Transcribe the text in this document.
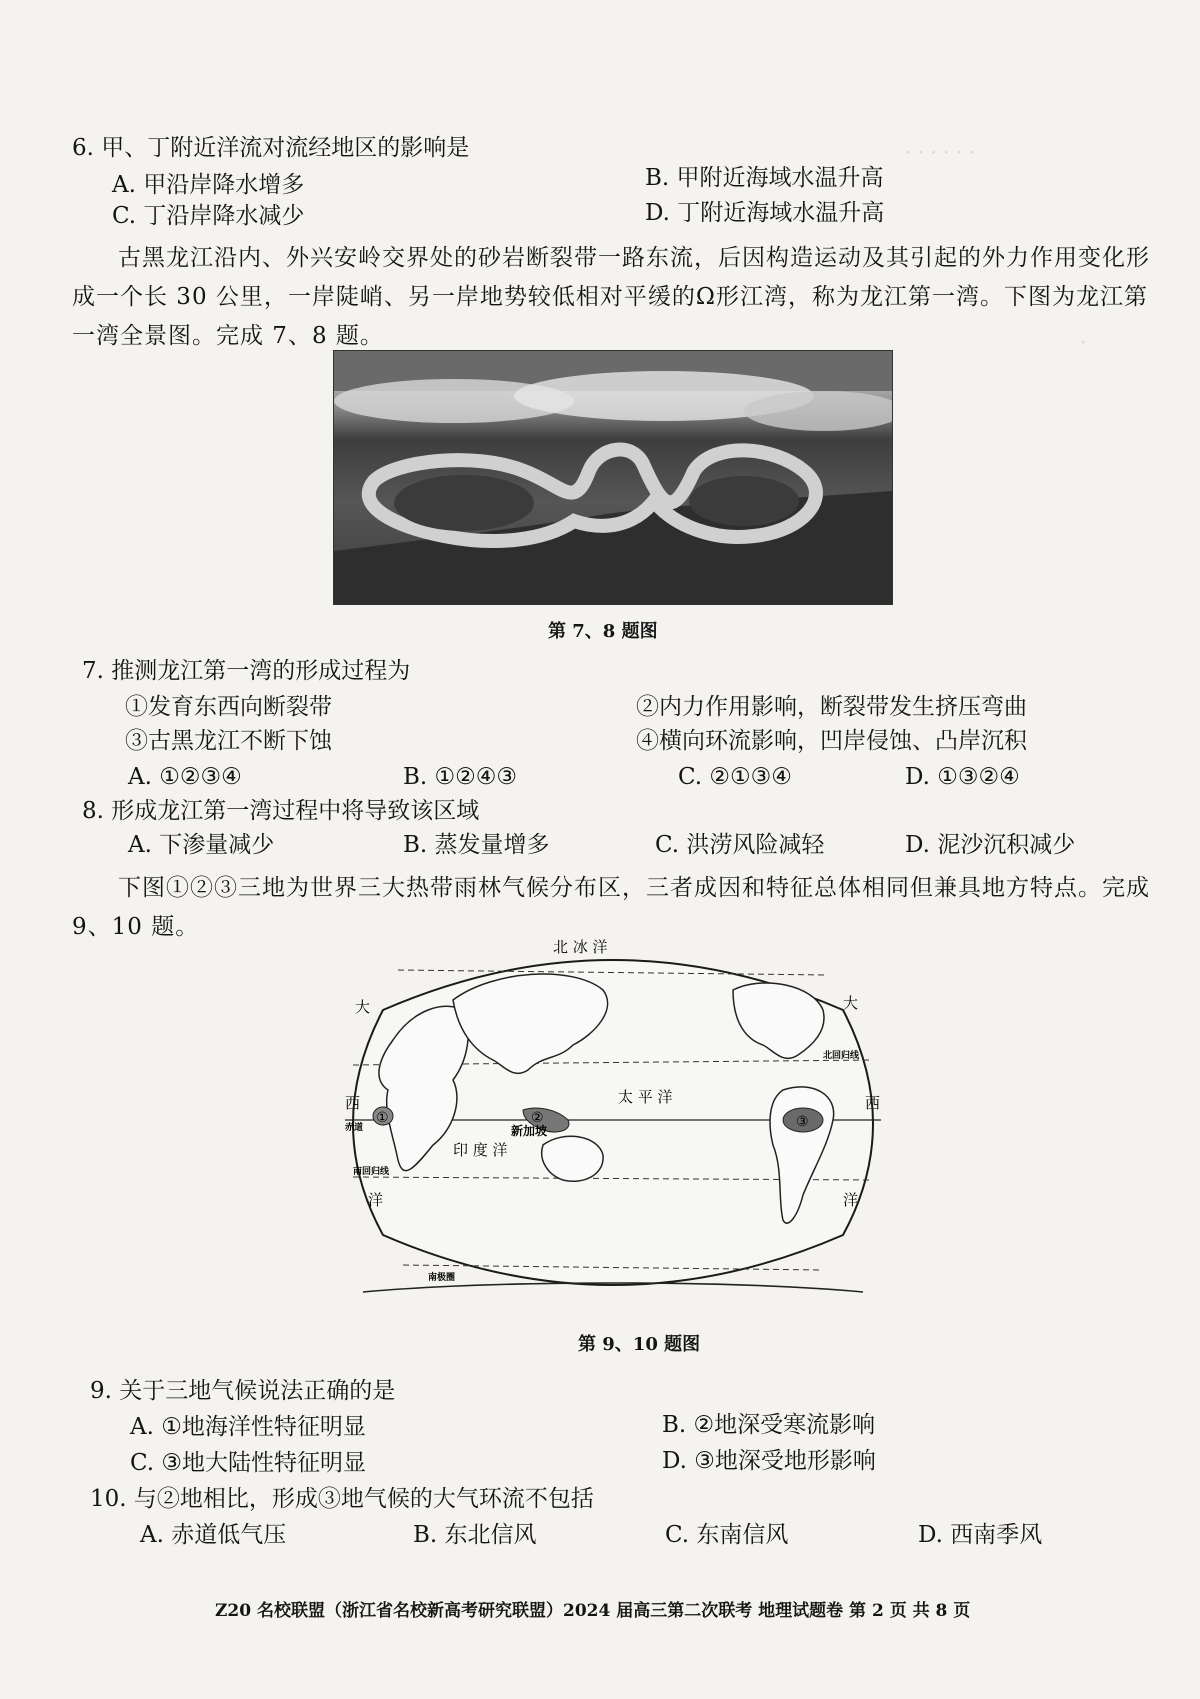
· · · · · ·
·
6. 甲、丁附近洋流对流经地区的影响是
A. 甲沿岸降水增多	B. 甲附近海域水温升高
C. 丁沿岸降水减少	D. 丁附近海域水温升高
古黑龙江沿内、外兴安岭交界处的砂岩断裂带一路东流，后因构造运动及其引起的外力作用变化形成一个长 30 公里，一岸陡峭、另一岸地势较低相对平缓的Ω形江湾，称为龙江第一湾。下图为龙江第一湾全景图。完成 7、8 题。
第 7、8 题图
7. 推测龙江第一湾的形成过程为
①发育东西向断裂带	②内力作用影响，断裂带发生挤压弯曲
③古黑龙江不断下蚀	④横向环流影响，凹岸侵蚀、凸岸沉积
A. ①②③④	B. ①②④③	C. ②①③④	D. ①③②④
8. 形成龙江第一湾过程中将导致该区域
A. 下渗量减少	B. 蒸发量增多	C. 洪涝风险减轻	D. 泥沙沉积减少
下图①②③三地为世界三大热带雨林气候分布区，三者成因和特征总体相同但兼具地方特点。完成 9、10 题。
北 冰 洋
大	大
西	西
洋	洋
太 平 洋
印 度 洋
北回归线
南回归线
赤道
南极圈
新加坡
①	②	③
第 9、10 题图
9. 关于三地气候说法正确的是
A. ①地海洋性特征明显	B. ②地深受寒流影响
C. ③地大陆性特征明显	D. ③地深受地形影响
10. 与②地相比，形成③地气候的大气环流不包括
A. 赤道低气压	B. 东北信风	C. 东南信风	D. 西南季风
Z20 名校联盟（浙江省名校新高考研究联盟）2024 届高三第二次联考 地理试题卷 第 2 页 共 8 页
